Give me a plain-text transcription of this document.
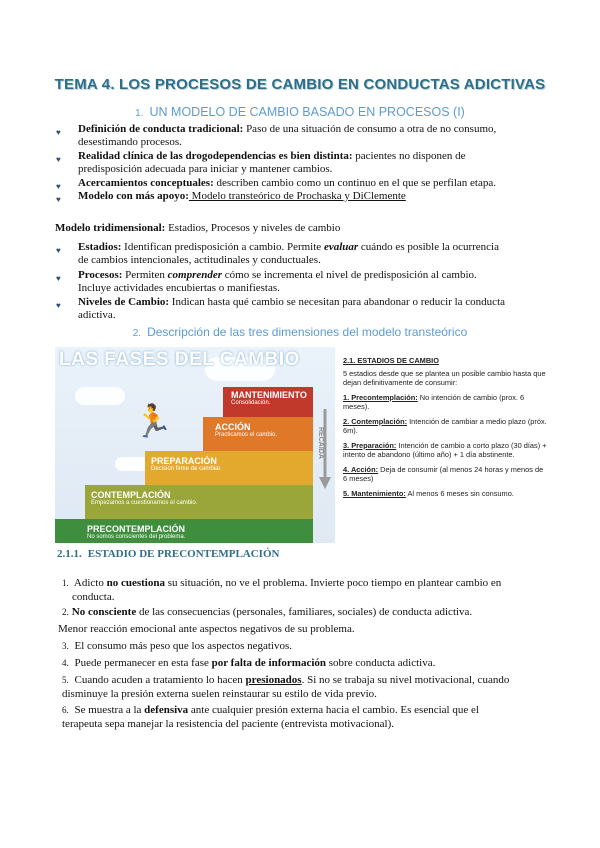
TEMA 4. LOS PROCESOS DE CAMBIO EN CONDUCTAS ADICTIVAS
1. UN MODELO DE CAMBIO BASADO EN PROCESOS (I)
♥ Definición de conducta tradicional: Paso de una situación de consumo a otra de no consumo,
desestimando procesos.
♥ Realidad clínica de las drogodependencias es bien distinta: pacientes no disponen de
predisposición adecuada para iniciar y mantener cambios.
♥ Acercamientos conceptuales: describen cambio como un continuo en el que se perfilan etapa.
♥ Modelo con más apoyo: Modelo transteórico de Prochaska y DiClemente
Modelo tridimensional: Estadios, Procesos y niveles de cambio
♥ Estadios: Identifican predisposición a cambio. Permite evaluar cuándo es posible la ocurrencia
de cambios intencionales, actitudinales y conductuales.
♥ Procesos: Permiten comprender cómo se incrementa el nivel de predisposición al cambio.
Incluye actividades encubiertas o manifiestas.
♥ Niveles de Cambio: Indican hasta qué cambio se necesitan para abandonar o reducir la conducta
adictiva.
2. Descripción de las tres dimensiones del modelo transteórico
LAS FASES DEL CAMBIO
🏃
MANTENIMIENTO
Consolidación.
ACCIÓN
Practicamos el cambio.
PREPARACIÓN
Decisión firme de cambiar.
CONTEMPLACIÓN
Empezamos a cuestionarnos el cambio.
PRECONTEMPLACIÓN
No somos conscientes del problema.
RECAÍDA
2.1. ESTADIOS DE CAMBIO
5 estadios desde que se plantea un posible cambio hasta que dejan definitivamente de consumir:
1. Precontemplación: No intención de cambio (prox. 6 meses).
2. Contemplación: Intención de cambiar a medio plazo (próx. 6m).
3. Preparación: Intención de cambio a corto plazo (30 días) + intento de abandono (último año) + 1 día abstinente.
4. Acción: Deja de consumir (al menos 24 horas y menos de 6 meses)
5. Mantenimiento: Al menos 6 meses sin consumo.
2.1.1. ESTADIO DE PRECONTEMPLACIÓN
1. Adicto no cuestiona su situación, no ve el problema. Invierte poco tiempo en plantear cambio en
conducta.
2. No consciente de las consecuencias (personales, familiares, sociales) de conducta adictiva.
Menor reacción emocional ante aspectos negativos de su problema.
3. El consumo más peso que los aspectos negativos.
4. Puede permanecer en esta fase por falta de información sobre conducta adictiva.
5. Cuando acuden a tratamiento lo hacen presionados. Si no se trabaja su nivel motivacional, cuando
disminuye la presión externa suelen reinstaurar su estilo de vida previo.
6. Se muestra a la defensiva ante cualquier presión externa hacia el cambio. Es esencial que el
terapeuta sepa manejar la resistencia del paciente (entrevista motivacional).
